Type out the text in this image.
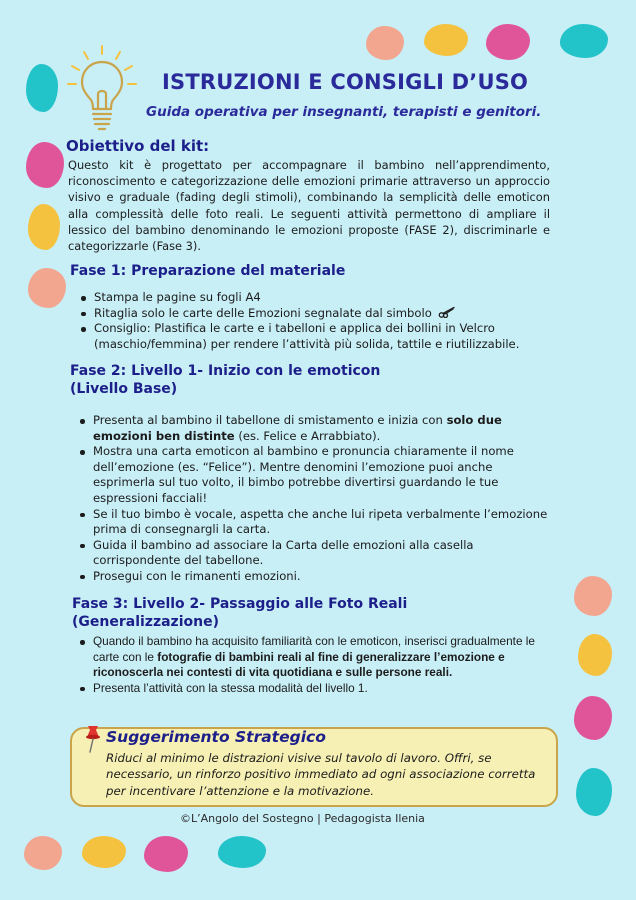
ISTRUZIONI E CONSIGLI D’USO
Guida operativa per insegnanti, terapisti e genitori.
Obiettivo del kit:
Questo kit è progettato per accompagnare il bambino nell’apprendimento, riconoscimento e categorizzazione delle emozioni primarie attraverso un approccio visivo e graduale (fading degli stimoli), combinando la semplicità delle emoticon alla complessità delle foto reali. Le seguenti attività permettono di ampliare il lessico del bambino denominando le emozioni proposte (FASE 2), discriminarle e categorizzarle (Fase 3).
Fase 1: Preparazione del materiale
Stampa le pagine su fogli A4
Ritaglia solo le carte delle Emozioni segnalate dal simbolo
Consiglio: Plastifica le carte e i tabelloni e applica dei bollini in Velcro (maschio/femmina) per rendere l’attività più solida, tattile e riutilizzabile.
Fase 2: Livello 1- Inizio con le emoticon
(Livello Base)
Presenta al bambino il tabellone di smistamento e inizia con solo due emozioni ben distinte (es. Felice e Arrabbiato).
Mostra una carta emoticon al bambino e pronuncia chiaramente il nome dell’emozione (es. “Felice”). Mentre denomini l’emozione puoi anche esprimerla sul tuo volto, il bimbo potrebbe divertirsi guardando le tue espressioni facciali!
Se il tuo bimbo è vocale, aspetta che anche lui ripeta verbalmente l’emozione prima di consegnargli la carta.
Guida il bambino ad associare la Carta delle emozioni alla casella corrispondente del tabellone.
Prosegui con le rimanenti emozioni.
Fase 3: Livello 2- Passaggio alle Foto Reali
(Generalizzazione)
Quando il bambino ha acquisito familiarità con le emoticon, inserisci gradualmente le carte con le fotografie di bambini reali al fine di generalizzare l’emozione e riconoscerla nei contesti di vita quotidiana e sulle persone reali.
Presenta l’attività con la stessa modalità del livello 1.
Suggerimento Strategico
Riduci al minimo le distrazioni visive sul tavolo di lavoro. Offri, se necessario, un rinforzo positivo immediato ad ogni associazione corretta per incentivare l’attenzione e la motivazione.
©L’Angolo del Sostegno | Pedagogista Ilenia
